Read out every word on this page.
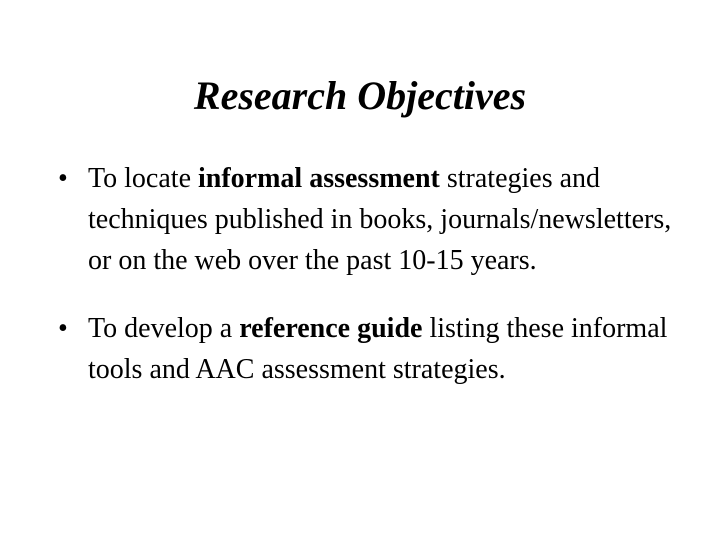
Research Objectives
• To locate informal assessment strategies and techniques published in books, journals/newsletters, or on the web over the past 10-15 years.
• To develop a reference guide listing these informal tools and AAC assessment strategies.
